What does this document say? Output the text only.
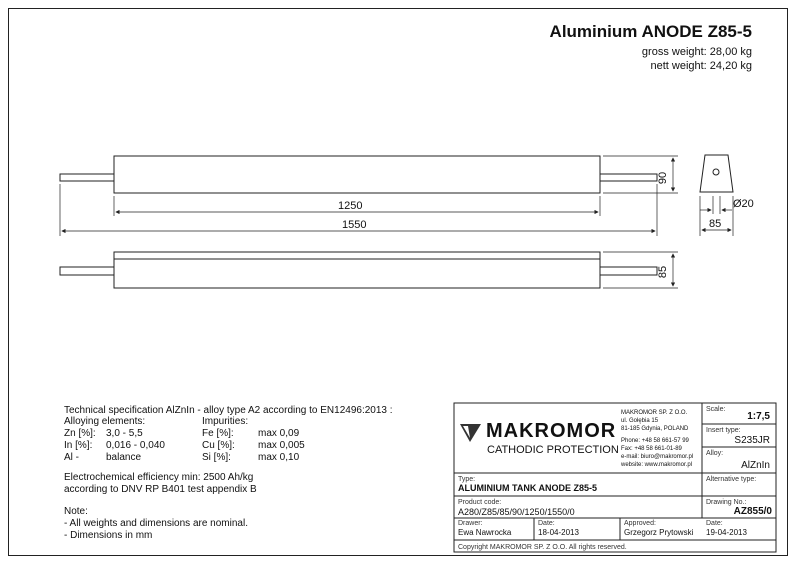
Aluminium ANODE Z85-5
gross weight: 28,00 kg
nett weight: 24,20 kg
1250
1550
90
85
Ø20
85
Technical specification AlZnIn - alloy type A2 according to EN12496:2013 :
Alloying elements:	Impurities:
Zn [%]: 3,0 - 5,5	Fe [%]: max 0,09
In [%]: 0,016 - 0,040	Cu [%]: max 0,005
Al -	balance	Si [%]:	max 0,10
Electrochemical efficiency min: 2500 Ah/kg
according to DNV RP B401 test appendix B
Note:
- All weights and dimensions are nominal.
- Dimensions in mm
MAKROMOR
CATHODIC PROTECTION
MAKROMOR SP. Z O.O.
ul. Gołębia 15
81-185 Gdynia, POLAND
Phone: +48 58 661-57 99
Fax: +48 58 661-01-89
e-mail: biuro@makromor.pl
website: www.makromor.pl
Scale:
1:7,5
Insert type:
S235JR
Alloy:
AlZnIn
Alternative type:
Drawing No.:
AZ855/0
Type:
ALUMINIUM TANK ANODE Z85-5
Product code:
A280/Z85/85/90/1250/1550/0
Drawer:
Ewa Nawrocka
Date:
18-04-2013
Approved:
Grzegorz Prytowski
Date:
19-04-2013
Copyright MAKROMOR SP. Z O.O. All rights reserved.
